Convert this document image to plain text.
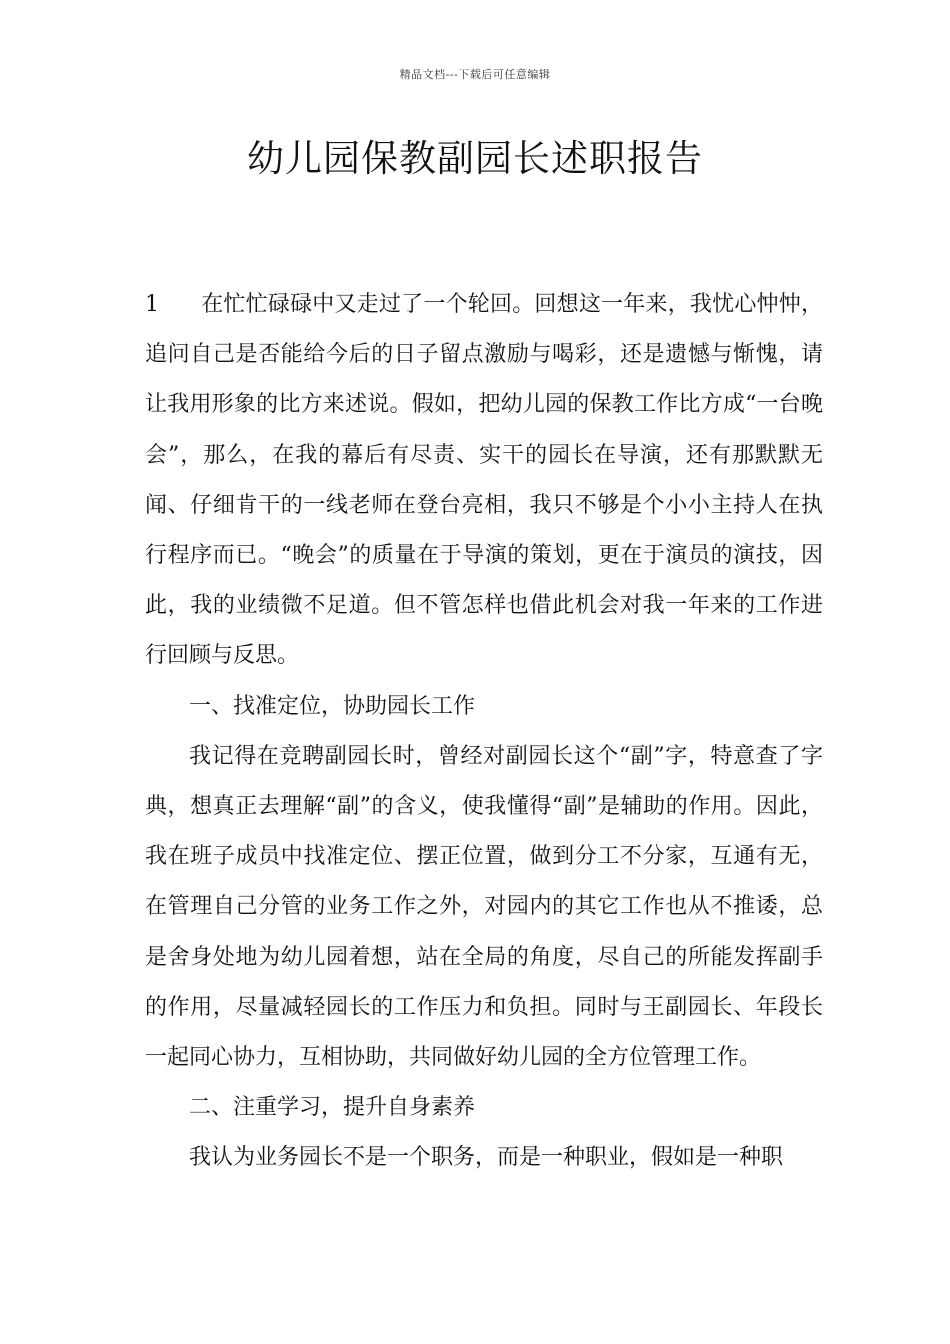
精品文档---下载后可任意编辑
幼儿园保教副园长述职报告

1 在忙忙碌碌中又走过了一个轮回。回想这一年来，我忧心忡忡，追问自己是否能给今后的日子留点激励与喝彩，还是遗憾与惭愧，请让我用形象的比方来述说。假如，把幼儿园的保教工作比方成“一台晚会”，那么，在我的幕后有尽责、实干的园长在导演，还有那默默无闻、仔细肯干的一线老师在登台亮相，我只不够是个小小主持人在执行程序而已。“晚会”的质量在于导演的策划，更在于演员的演技，因此，我的业绩微不足道。但不管怎样也借此机会对我一年来的工作进行回顾与反思。

一、找准定位，协助园长工作

我记得在竞聘副园长时，曾经对副园长这个“副”字，特意查了字典，想真正去理解“副”的含义，使我懂得“副”是辅助的作用。因此，我在班子成员中找准定位、摆正位置，做到分工不分家，互通有无，在管理自己分管的业务工作之外，对园内的其它工作也从不推诿，总是舍身处地为幼儿园着想，站在全局的角度，尽自己的所能发挥副手的作用，尽量减轻园长的工作压力和负担。同时与王副园长、年段长一起同心协力，互相协助，共同做好幼儿园的全方位管理工作。

二、注重学习，提升自身素养

我认为业务园长不是一个职务，而是一种职业，假如是一种职
